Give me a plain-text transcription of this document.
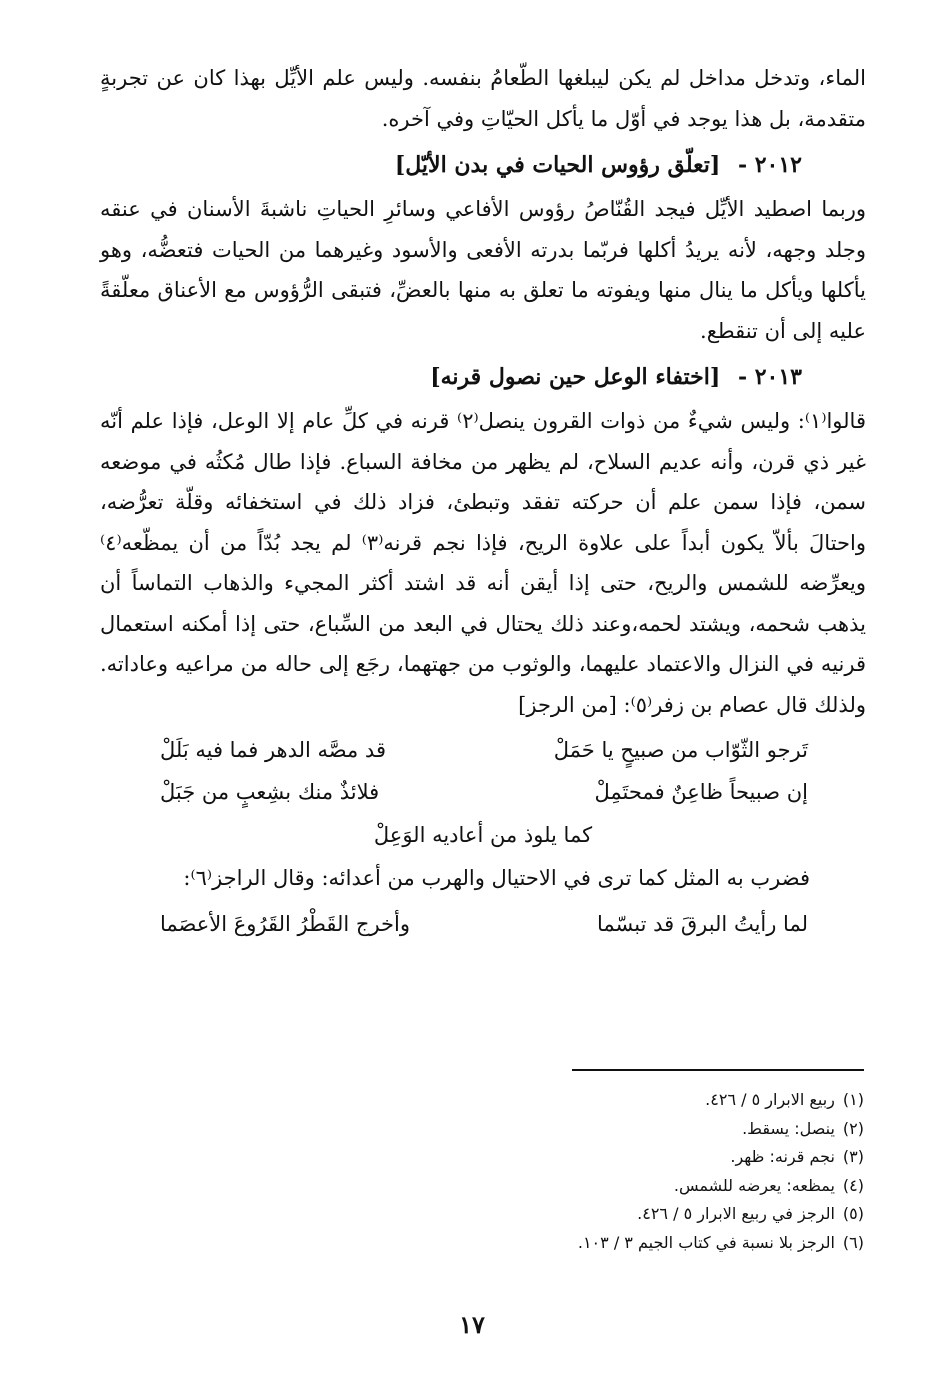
الماء، وتدخل مداخل لم يكن ليبلغها الطّعامُ بنفسه. وليس علم الأيِّل بهذا كان عن تجربةٍ متقدمة، بل هذا يوجد في أوّل ما يأكل الحيّاتِ وفي آخره.

٢٠١٢ - [تعلّق رؤوس الحيات في بدن الأيّل]

وربما اصطيد الأيِّل فيجد القُنّاصُ رؤوس الأفاعي وسائرِ الحياتِ ناشبةَ الأسنان في عنقه وجلد وجهه، لأنه يريدُ أكلها فربّما بدرته الأفعى والأسود وغيرهما من الحيات فتعضُّه، وهو يأكلها ويأكل ما ينال منها ويفوته ما تعلق به منها بالعضِّ، فتبقى الرُّؤوس مع الأعناق معلّقةً عليه إلى أن تنقطع.

٢٠١٣ - [اختفاء الوعل حين نصول قرنه]

قالوا⁽١⁾: وليس شيءٌ من ذوات القرون ينصل⁽٢⁾ قرنه في كلِّ عام إلا الوعل، فإذا علم أنّه غير ذي قرن، وأنه عديم السلاح، لم يظهر من مخافة السباع. فإذا طال مُكثُه في موضعه سمن، فإذا سمن علم أن حركته تفقد وتبطئ، فزاد ذلك في استخفائه وقلّة تعرُّضه، واحتالَ بألاّ يكون أبداً على علاوة الريح، فإذا نجم قرنه⁽٣⁾ لم يجد بُدّاً من أن يمظّعه⁽٤⁾ ويعرِّضه للشمس والريح، حتى إذا أيقن أنه قد اشتد أكثر المجيء والذهاب التماساً أن يذهب شحمه، ويشتد لحمه،وعند ذلك يحتال في البعد من السِّباع، حتى إذا أمكنه استعمال قرنيه في النزال والاعتماد عليهما، والوثوب من جهتهما، رجَع إلى حاله من مراعيه وعاداته. ولذلك قال عصام بن زفر⁽٥⁾: [من الرجز]

تَرجو الثّوّاب من صبيحٍ يا حَمَلْ
قد مصَّه الدهر فما فيه بَلَلْ
إن صبيحاً ظاعِنٌ فمحتَمِلْ
فلائذٌ منك بشِعبٍ من جَبَلْ
كما يلوذ من أعاديه الوَعِلْ

فضرب به المثل كما ترى في الاحتيال والهرب من أعدائه: وقال الراجز⁽٦⁾:

لما رأيتُ البرقَ قد تبسّما
وأخرج القَطْرُ القَرُوعَ الأعصَما
(١)ربيع الابرار ٥ / ٤٢٦.
(٢)ينصل: يسقط.
(٣)نجم قرنه: ظهر.
(٤)يمظعه: يعرضه للشمس.
(٥)الرجز في ربيع الابرار ٥ / ٤٢٦.
(٦)الرجز بلا نسبة في كتاب الجيم ٣ / ١٠٣.
١٧
